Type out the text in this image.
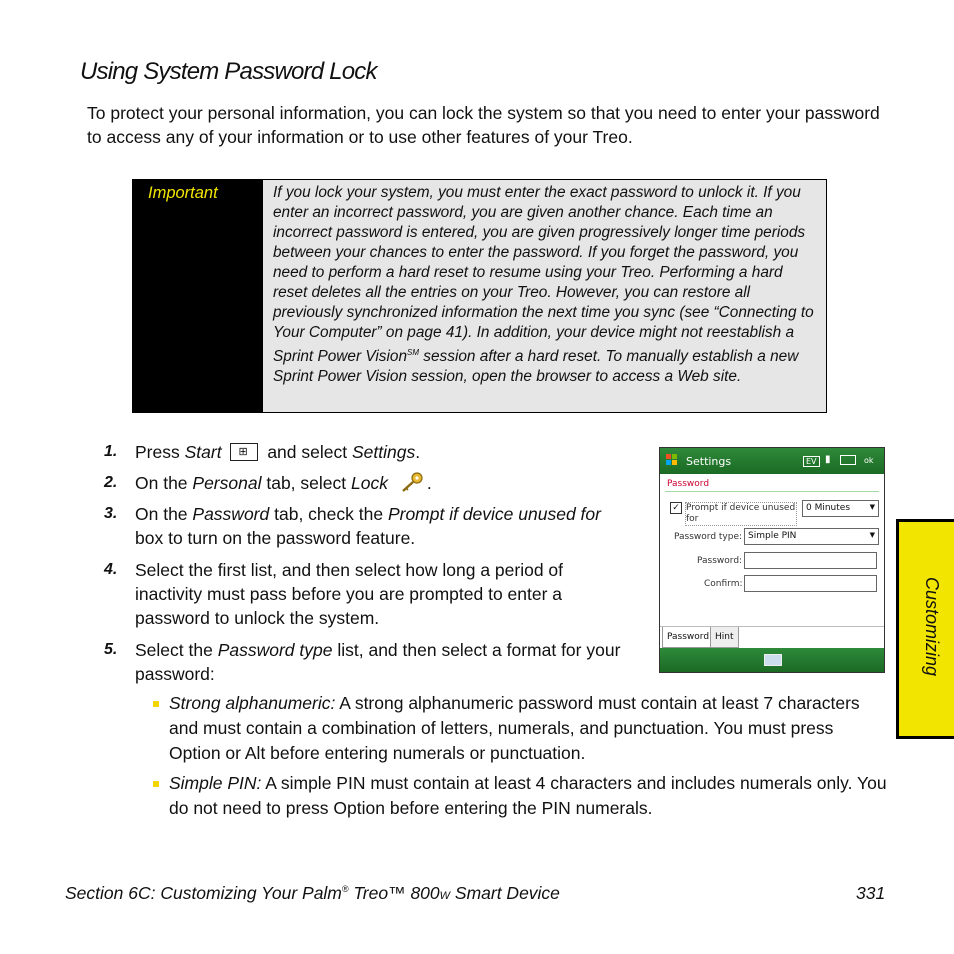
Using System Password Lock

To protect your personal information, you can lock the system so that you need to enter your password to access any of your information or to use other features of your Treo.

Important	If you lock your system, you must enter the exact password to unlock it. If you enter an incorrect password, you are given another chance. Each time an incorrect password is entered, you are given progressively longer time periods between your chances to enter the password. If you forget the password, you need to perform a hard reset to resume using your Treo. Performing a hard reset deletes all the entries on your Treo. However, you can restore all previously synchronized information the next time you sync (see “Connecting to Your Computer” on page 41). In addition, your device might not reestablish a Sprint Power Vision℠ session after a hard reset. To manually establish a new Sprint Power Vision session, open the browser to access a Web site.
1. Press Start ⊞ and select Settings.
2. On the Personal tab, select Lock .
3. On the Password tab, check the Prompt if device unused for
box to turn on the password feature.
4. Select the first list, and then select how long a period of inactivity must pass before you are prompted to enter a password to unlock the system.
5. Select the Password type list, and then select a format for your password:
Strong alphanumeric: A strong alphanumeric password must contain at least 7 characters and must contain a combination of letters, numerals, and punctuation. You must press Option or Alt before entering numerals or punctuation.
Simple PIN: A simple PIN must contain at least 4 characters and includes numerals only. You do not need to press Option before entering the PIN numerals.
Settings	EV ▮	ok
Password
✓ Prompt if device unused for
0 Minutes	▼
Password type: Simple PIN	▼
Password:
Confirm:
Password Hint	Customizing
Section 6C: Customizing Your Palm® Treo™ 800W Smart Device	331
